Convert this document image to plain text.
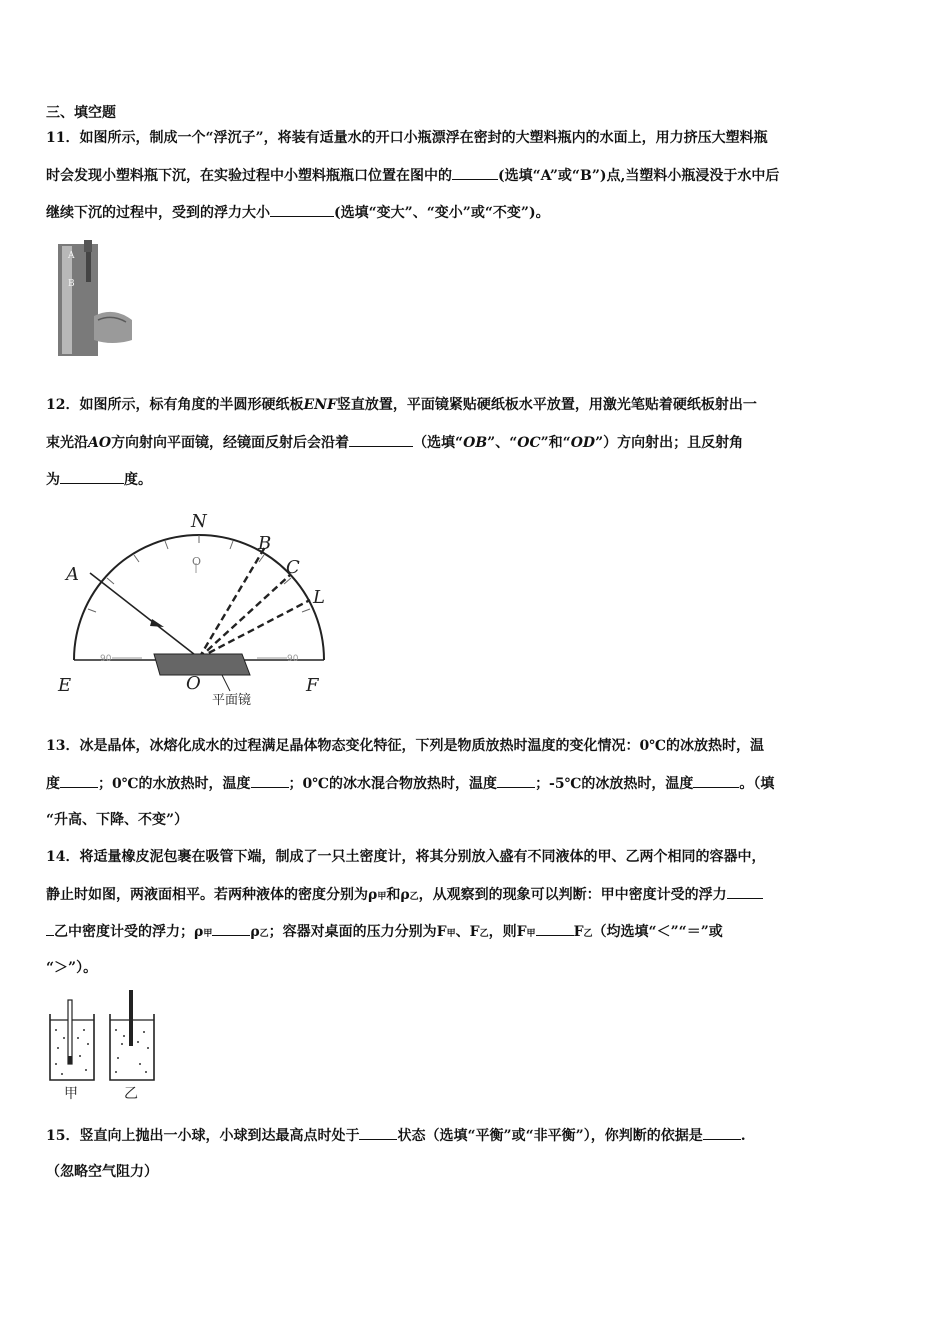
三、填空题
11．如图所示，制成一个“浮沉子”，将装有适量水的开口小瓶漂浮在密封的大塑料瓶内的水面上，用力挤压大塑料瓶
时会发现小塑料瓶下沉，在实验过程中小塑料瓶瓶口位置在图中的	(选填“A”或“B”)点,当塑料小瓶浸没于水中后
继续下沉的过程中，受到的浮力大小	(选填“变大”、“变小”或“不变”)。
A
B
12．如图所示，标有角度的半圆形硬纸板ENF竖直放置，平面镜紧贴硬纸板水平放置，用激光笔贴着硬纸板射出一
束光沿AO方向射向平面镜，经镜面反射后会沿着	（选填“OB”、“OC”和“OD”）方向射出；且反射角
为	度。
90	90
O
A
N
B
C
L
E	O	F
平面镜
13．冰是晶体，冰熔化成水的过程满足晶体物态变化特征，下列是物质放热时温度的变化情况：0℃的冰放热时，温
度	；0℃的水放热时，温度	；0℃的冰水混合物放热时，温度	；-5℃的冰放热时，温度	。（填
“升高、下降、不变”）
14．将适量橡皮泥包裹在吸管下端，制成了一只土密度计，将其分别放入盛有不同液体的甲、乙两个相同的容器中，
静止时如图，两液面相平。若两种液体的密度分别为ρ甲和ρ乙，从观察到的现象可以判断：甲中密度计受的浮力
乙中密度计受的浮力；ρ甲	ρ乙；容器对桌面的压力分别为F甲、F乙，则F甲	F乙（均选填“＜”“＝”或
“＞”）。
甲	乙
15．竖直向上抛出一小球，小球到达最高点时处于	状态（选填“平衡”或“非平衡”），你判断的依据是	.
（忽略空气阻力）
